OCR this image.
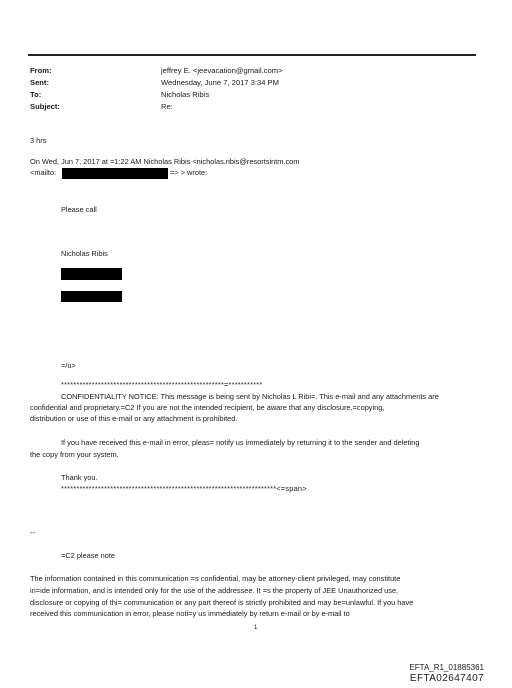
From:	jeffrey E. <jeevacation@gmail.com>
Sent:	Wednesday, June 7, 2017 3:34 PM
To:	Nicholas Ribis
Subject:	Re:
3 hrs
On Wed, Jun 7, 2017 at =1:22 AM Nicholas Ribis <nicholas.ribis@resortsintm.com
<mailto:	=> > wrote:
Please call
Nicholas Ribis
=/u>
*****************************************************=***********
CONFIDENTIALITY NOTICE: This message is being sent by Nicholas L Ribi=. This e-mail and any attachments are
confidential and proprietary.=C2 If you are not the intended recipient, be aware that any disclosure,=copying,
distribution or use of this e-mail or any attachment is prohibited.
If you have received this e-mail in error, pleas= notify us immediately by returning it to the sender and deleting
the copy from your system.
Thank you.
**********************************************************************<=span>
--
=C2 please note
The information contained in this communication =s confidential, may be attorney-client privileged, may constitute
in=ide information, and is intended only for the use of the addressee. It =s the property of JEE Unauthorized use,
disclosure or copying of thi= communication or any part thereof is strictly prohibited and may be=unlawful. If you have
received this communication in error, please noti=y us immediately by return e-mail or by e-mail to
1
EFTA_R1_01885361
EFTA02647407
